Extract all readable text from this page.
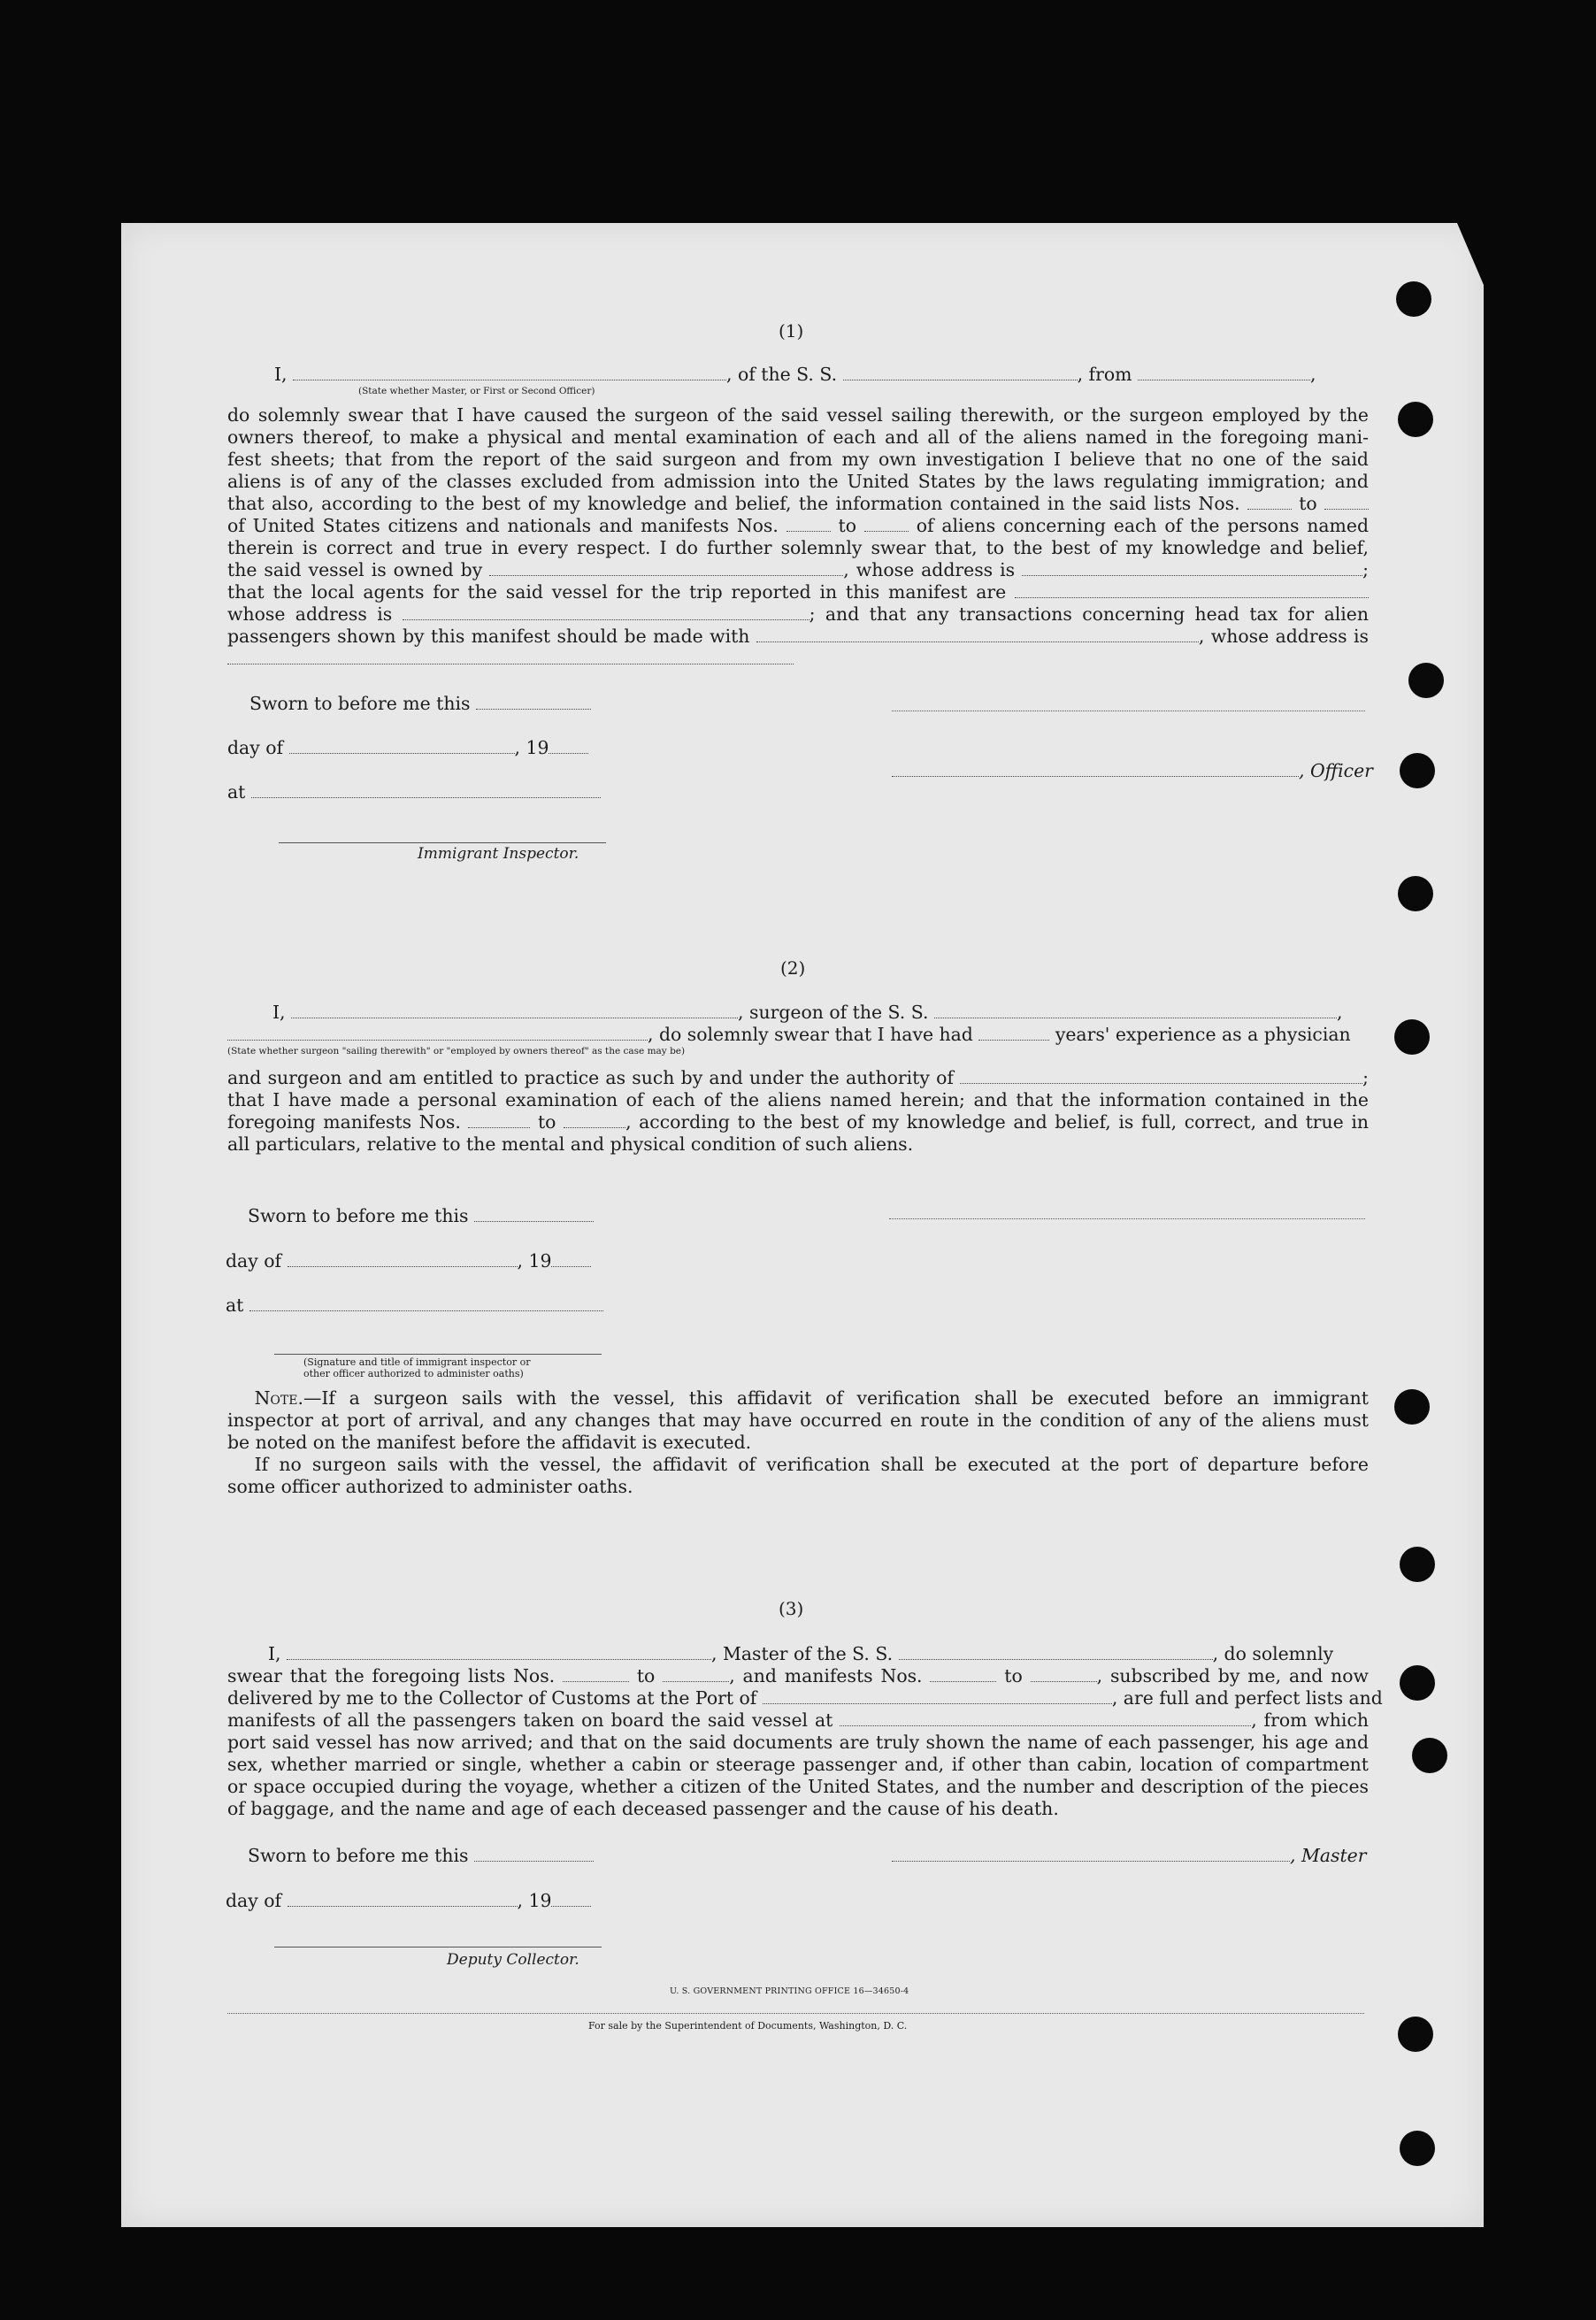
(1)
I,	, of the S. S.	, from	,
(State whether Master, or First or Second Officer)
do solemnly swear that I have caused the surgeon of the said vessel sailing therewith, or the surgeon employed by the
owners thereof, to make a physical and mental examination of each and all of the aliens named in the foregoing mani-
fest sheets; that from the report of the said surgeon and from my own investigation I believe that no one of the said
aliens is of any of the classes excluded from admission into the United States by the laws regulating immigration; and
that also, according to the best of my knowledge and belief, the information contained in the said lists Nos.	to
of United States citizens and nationals and manifests Nos.	to	of aliens concerning each of the persons named
therein is correct and true in every respect. I do further solemnly swear that, to the best of my knowledge and belief,
the said vessel is owned by	, whose address is	;
that the local agents for the said vessel for the trip reported in this manifest are
whose address is	; and that any transactions concerning head tax for alien
passengers shown by this manifest should be made with	, whose address is
Sworn to before me this
day of	, 19
at
Immigrant Inspector.
, Officer
(2)
I,	, surgeon of the S. S.	,
, do solemnly swear that I have had	years' experience as a physician
(State whether surgeon "sailing therewith" or "employed by owners thereof" as the case may be)
and surgeon and am entitled to practice as such by and under the authority of	;
that I have made a personal examination of each of the aliens named herein; and that the information contained in the
foregoing manifests Nos.	to	, according to the best of my knowledge and belief, is full, correct, and true in
all particulars, relative to the mental and physical condition of such aliens.
Sworn to before me this
day of	, 19
at
(Signature and title of immigrant inspector or
other officer authorized to administer oaths)
  Note.—If a surgeon sails with the vessel, this affidavit of verification shall be executed before an immigrant
inspector at port of arrival, and any changes that may have occurred en route in the condition of any of the aliens must
be noted on the manifest before the affidavit is executed.
  If no surgeon sails with the vessel, the affidavit of verification shall be executed at the port of departure before
some officer authorized to administer oaths.
(3)
I,	, Master of the S. S.	, do solemnly
swear that the foregoing lists Nos.	to	, and manifests Nos.	to	, subscribed by me, and now
delivered by me to the Collector of Customs at the Port of	, are full and perfect lists and
manifests of all the passengers taken on board the said vessel at	, from which
port said vessel has now arrived; and that on the said documents are truly shown the name of each passenger, his age and
sex, whether married or single, whether a cabin or steerage passenger and, if other than cabin, location of compartment
or space occupied during the voyage, whether a citizen of the United States, and the number and description of the pieces
of baggage, and the name and age of each deceased passenger and the cause of his death.
Sworn to before me this
day of	, 19
, Master
Deputy Collector.
U. S. GOVERNMENT PRINTING OFFICE 16—34650-4
For sale by the Superintendent of Documents, Washington, D. C.
